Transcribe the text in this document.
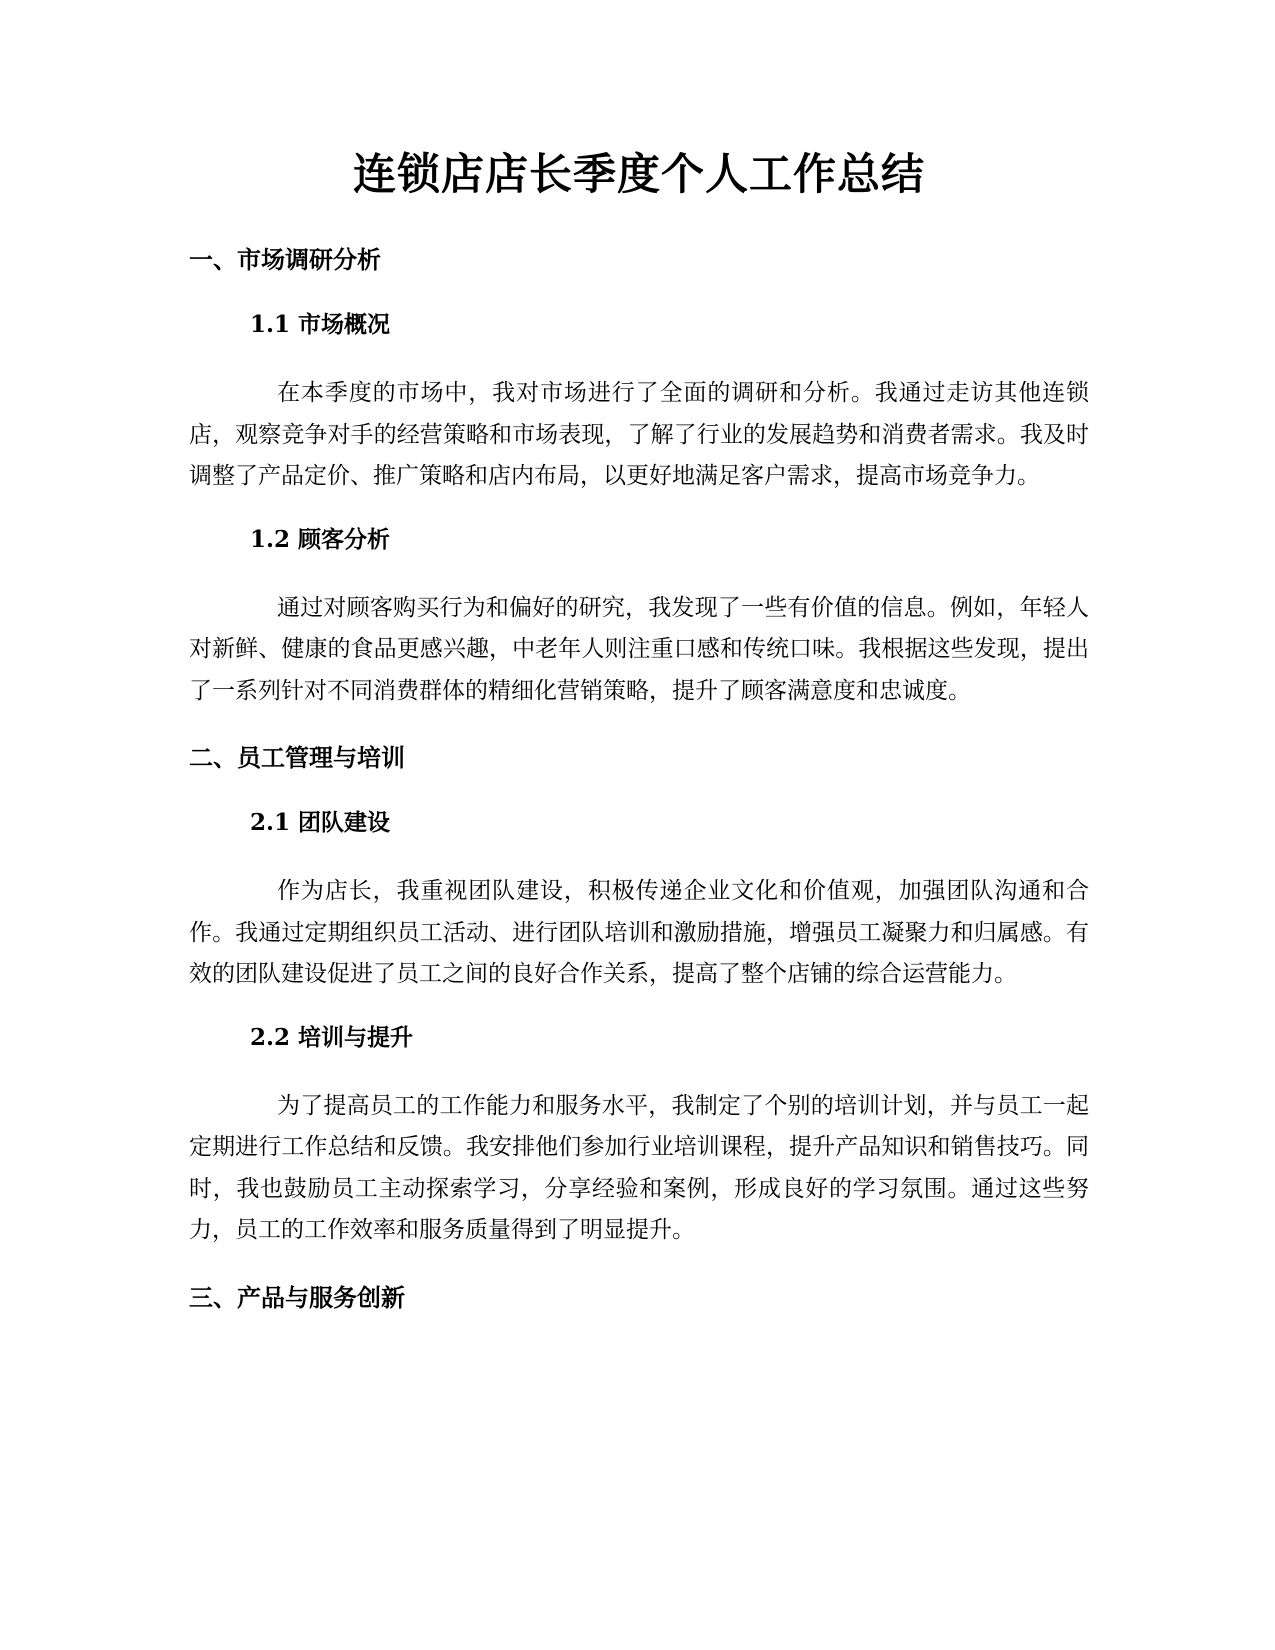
连锁店店长季度个人工作总结
一、市场调研分析
1.1 市场概况

在本季度的市场中，我对市场进行了全面的调研和分析。我通过走访其他连锁店，观察竞争对手的经营策略和市场表现，了解了行业的发展趋势和消费者需求。我及时调整了产品定价、推广策略和店内布局，以更好地满足客户需求，提高市场竞争力。

1.2 顾客分析

通过对顾客购买行为和偏好的研究，我发现了一些有价值的信息。例如，年轻人对新鲜、健康的食品更感兴趣，中老年人则注重口感和传统口味。我根据这些发现，提出了一系列针对不同消费群体的精细化营销策略，提升了顾客满意度和忠诚度。

二、员工管理与培训
2.1 团队建设

作为店长，我重视团队建设，积极传递企业文化和价值观，加强团队沟通和合作。我通过定期组织员工活动、进行团队培训和激励措施，增强员工凝聚力和归属感。有效的团队建设促进了员工之间的良好合作关系，提高了整个店铺的综合运营能力。

2.2 培训与提升

为了提高员工的工作能力和服务水平，我制定了个别的培训计划，并与员工一起定期进行工作总结和反馈。我安排他们参加行业培训课程，提升产品知识和销售技巧。同时，我也鼓励员工主动探索学习，分享经验和案例，形成良好的学习氛围。通过这些努力，员工的工作效率和服务质量得到了明显提升。

三、产品与服务创新
